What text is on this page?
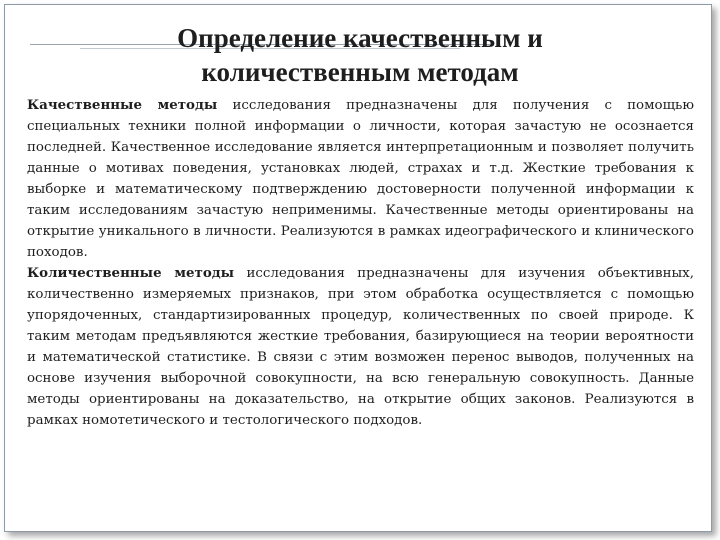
Определение качественным и
количественным методам

Качественные методы исследования предназначены для получения с помощью специальных техники полной информации о личности, которая зачастую не осознается последней. Качественное исследование является интерпретационным и позволяет получить данные о мотивах поведения, установках людей, страхах и т.д. Жесткие требования к выборке и математическому подтверждению достоверности полученной информации к таким исследованиям зачастую неприменимы. Качественные методы ориентированы на открытие уникального в личности. Реализуются в рамках идеографического и клинического походов.

Количественные методы исследования предназначены для изучения объективных, количественно измеряемых признаков, при этом обработка осуществляется с помощью упорядоченных, стандартизированных процедур, количественных по своей природе. К таким методам предъявляются жесткие требования, базирующиеся на теории вероятности и математической статистике. В связи с этим возможен перенос выводов, полученных на основе изучения выборочной совокупности, на всю генеральную совокупность. Данные методы ориентированы на доказательство, на открытие общих законов. Реализуются в рамках номотетического и тестологического подходов.
